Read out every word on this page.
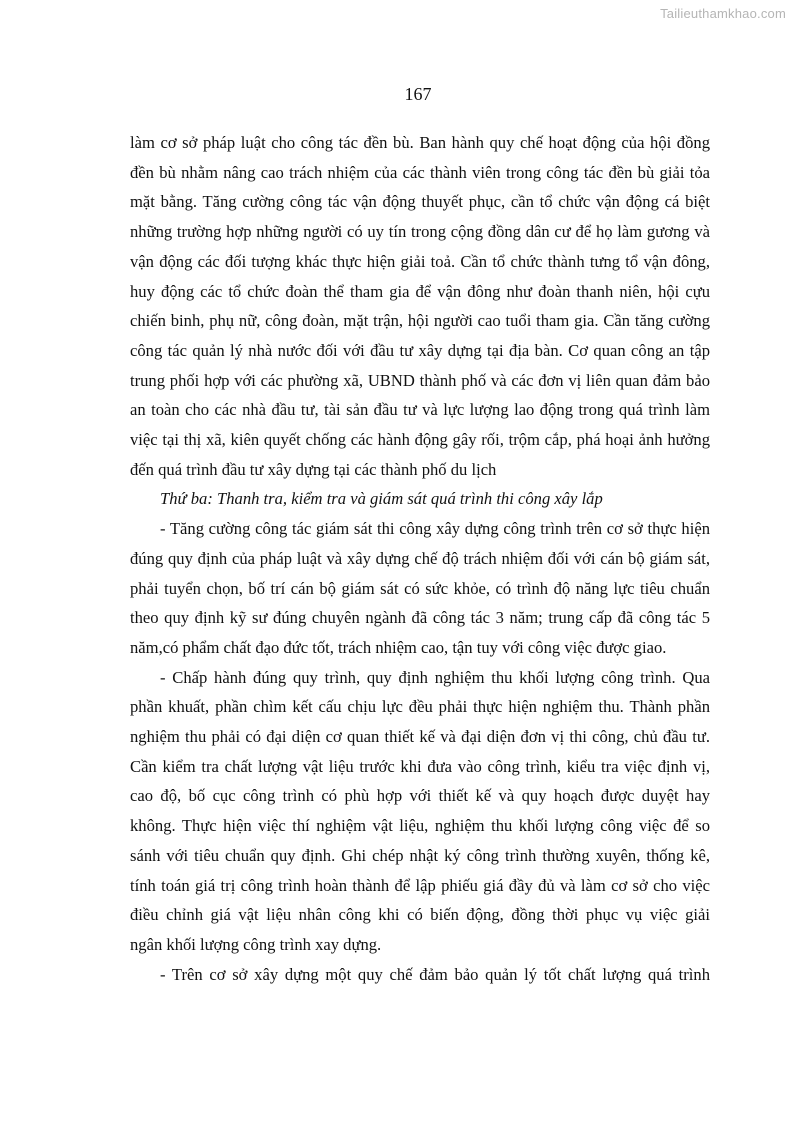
Tailieuthamkhao.com
167
làm cơ sở pháp luật cho công tác đền bù. Ban hành quy chế hoạt động của hội đồng
đền bù nhằm nâng cao trách nhiệm của các thành viên trong công tác đền bù giải tỏa
mặt bằng. Tăng cường công tác vận động thuyết phục, cần tổ chức vận động cá biệt
những trường hợp những người có uy tín trong cộng đồng dân cư để họ làm gương và
vận động các đối tượng khác thực hiện giải toả. Cần tổ chức thành tưng tổ vận đông,
huy động các tổ chức đoàn thể tham gia để vận đông như đoàn thanh niên, hội cựu
chiến binh, phụ nữ, công đoàn, mặt trận, hội người cao tuổi tham gia. Cần tăng cường
công tác quản lý nhà nước đối với đầu tư xây dựng tại địa bàn. Cơ quan công an tập
trung phối hợp với các phường xã, UBND thành phố và các đơn vị liên quan đảm bảo
an toàn cho các nhà đầu tư, tài sản đầu tư và lực lượng lao động trong quá trình làm
việc tại thị xã, kiên quyết chống các hành động gây rối, trộm cắp, phá hoại ảnh hưởng
đến quá trình đầu tư xây dựng tại các thành phố du lịch
Thứ ba: Thanh tra, kiểm tra và giám sát quá trình thi công xây lắp
- Tăng cường công tác giám sát thi công xây dựng công trình trên cơ sở thực hiện
đúng quy định của pháp luật và xây dựng chế độ trách nhiệm đối với cán bộ giám sát,
phải tuyển chọn, bố trí cán bộ giám sát có sức khỏe, có trình độ năng lực tiêu chuẩn
theo quy định kỹ sư đúng chuyên ngành đã công tác 3 năm; trung cấp đã công tác 5
năm,có phẩm chất đạo đức tốt, trách nhiệm cao, tận tuy với công việc được giao.
- Chấp hành đúng quy trình, quy định nghiệm thu khối lượng công trình. Qua
phần khuất, phần chìm kết cấu chịu lực đều phải thực hiện nghiệm thu. Thành phần
nghiệm thu phải có đại diện cơ quan thiết kế và đại diện đơn vị thi công, chủ đầu tư.
Cần kiểm tra chất lượng vật liệu trước khi đưa vào công trình, kiểu tra việc định vị,
cao độ, bố cục công trình có phù hợp với thiết kế và quy hoạch được duyệt hay
không. Thực hiện việc thí nghiệm vật liệu, nghiệm thu khối lượng công việc để so
sánh với tiêu chuẩn quy định. Ghi chép nhật ký công trình thường xuyên, thống kê,
tính toán giá trị công trình hoàn thành để lập phiếu giá đầy đủ và làm cơ sở cho việc
điều chỉnh giá vật liệu nhân công khi có biến động, đồng thời phục vụ việc giải
ngân khối lượng công trình xay dựng.
- Trên cơ sở xây dựng một quy chế đảm bảo quản lý tốt chất lượng quá trình
